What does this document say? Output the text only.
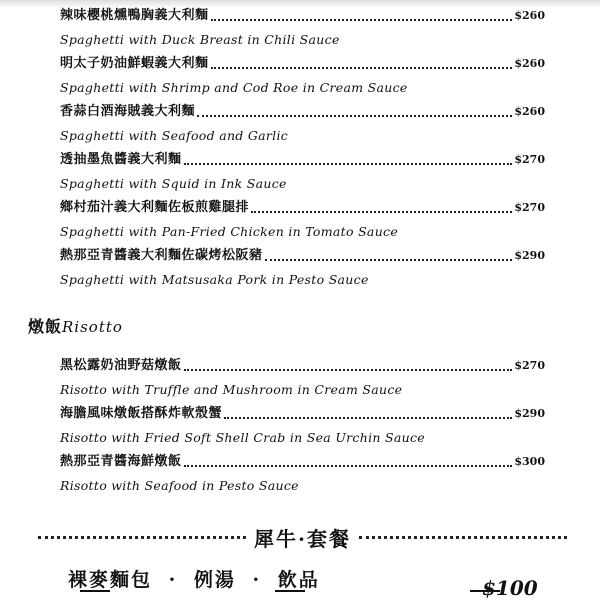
辣味櫻桃燻鴨胸義大利麵	$260
Spaghetti with Duck Breast in Chili Sauce
明太子奶油鮮蝦義大利麵	$260
Spaghetti with Shrimp and Cod Roe in Cream Sauce
香蒜白酒海賊義大利麵	$260
Spaghetti with Seafood and Garlic
透抽墨魚醬義大利麵	$270
Spaghetti with Squid in Ink Sauce
鄉村茄汁義大利麵佐板煎雞腿排	$270
Spaghetti with Pan-Fried Chicken in Tomato Sauce
熱那亞青醬義大利麵佐碳烤松阪豬	$290
Spaghetti with Matsusaka Pork in Pesto Sauce
燉飯Risotto
黑松露奶油野菇燉飯	$270
Risotto with Truffle and Mushroom in Cream Sauce
海膽風味燉飯搭酥炸軟殼蟹	$290
Risotto with Fried Soft Shell Crab in Sea Urchin Sauce
熱那亞青醬海鮮燉飯	$300
Risotto with Seafood in Pesto Sauce
犀牛·套餐
裸麥麵包 · 例湯 · 飲品	$100
